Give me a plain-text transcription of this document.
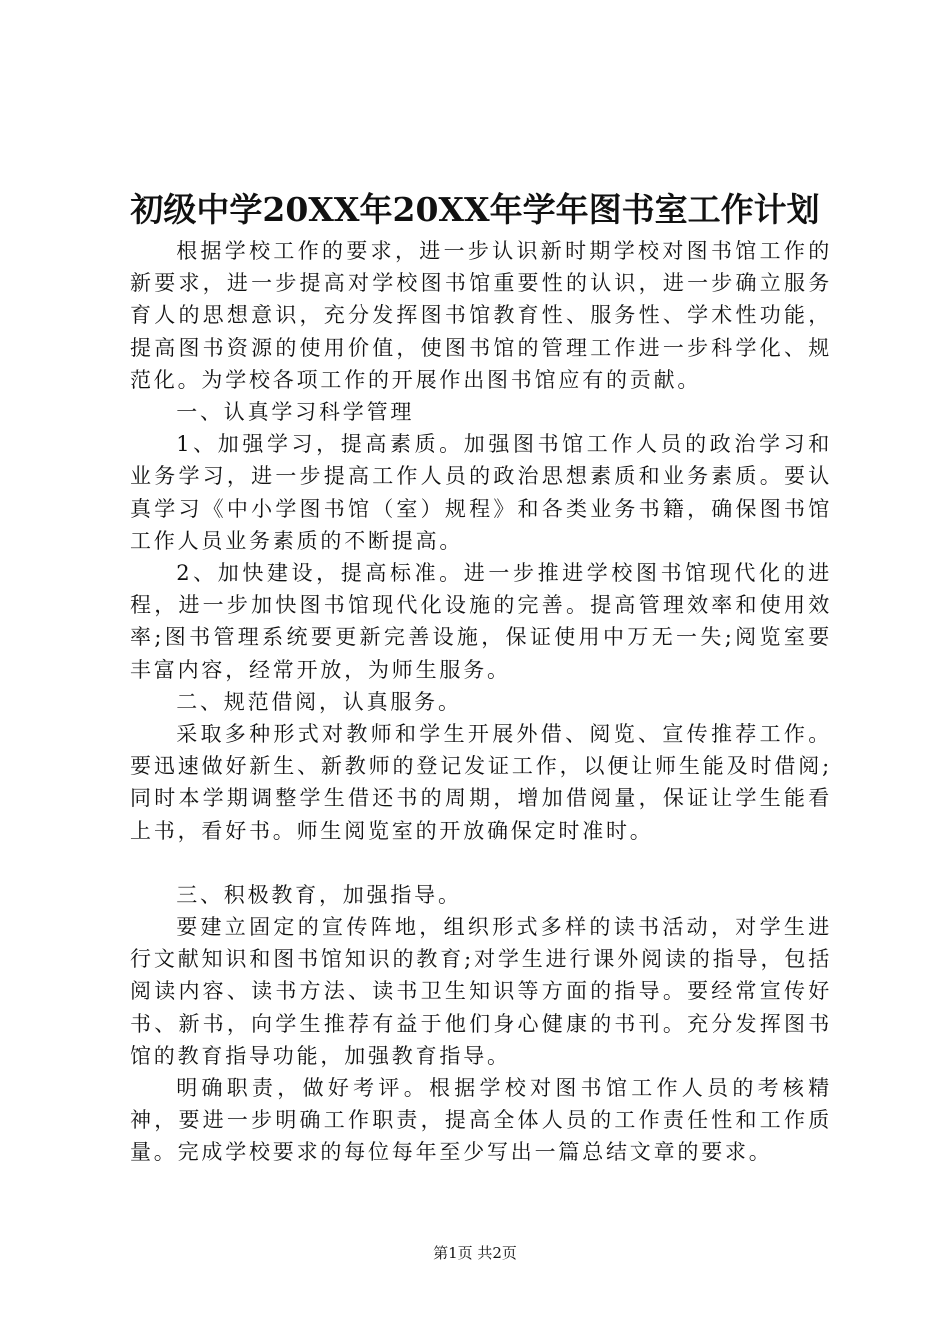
初级中学20XX年20XX年学年图书室工作计划

根据学校工作的要求，进一步认识新时期学校对图书馆工作的新要求，进一步提高对学校图书馆重要性的认识，进一步确立服务育人的思想意识，充分发挥图书馆教育性、服务性、学术性功能，提高图书资源的使用价值，使图书馆的管理工作进一步科学化、规范化。为学校各项工作的开展作出图书馆应有的贡献。

一、认真学习科学管理

1、加强学习，提高素质。加强图书馆工作人员的政治学习和业务学习，进一步提高工作人员的政治思想素质和业务素质。要认真学习《中小学图书馆（室）规程》和各类业务书籍，确保图书馆工作人员业务素质的不断提高。

2、加快建设，提高标准。进一步推进学校图书馆现代化的进程，进一步加快图书馆现代化设施的完善。提高管理效率和使用效率;图书管理系统要更新完善设施，保证使用中万无一失;阅览室要丰富内容，经常开放，为师生服务。

二、规范借阅，认真服务。

采取多种形式对教师和学生开展外借、阅览、宣传推荐工作。要迅速做好新生、新教师的登记发证工作，以便让师生能及时借阅;同时本学期调整学生借还书的周期，增加借阅量，保证让学生能看上书，看好书。师生阅览室的开放确保定时准时。

三、积极教育，加强指导。

要建立固定的宣传阵地，组织形式多样的读书活动，对学生进行文献知识和图书馆知识的教育;对学生进行课外阅读的指导，包括阅读内容、读书方法、读书卫生知识等方面的指导。要经常宣传好书、新书，向学生推荐有益于他们身心健康的书刊。充分发挥图书馆的教育指导功能，加强教育指导。

明确职责，做好考评。根据学校对图书馆工作人员的考核精神，要进一步明确工作职责，提高全体人员的工作责任性和工作质量。完成学校要求的每位每年至少写出一篇总结文章的要求。

第1页 共2页
